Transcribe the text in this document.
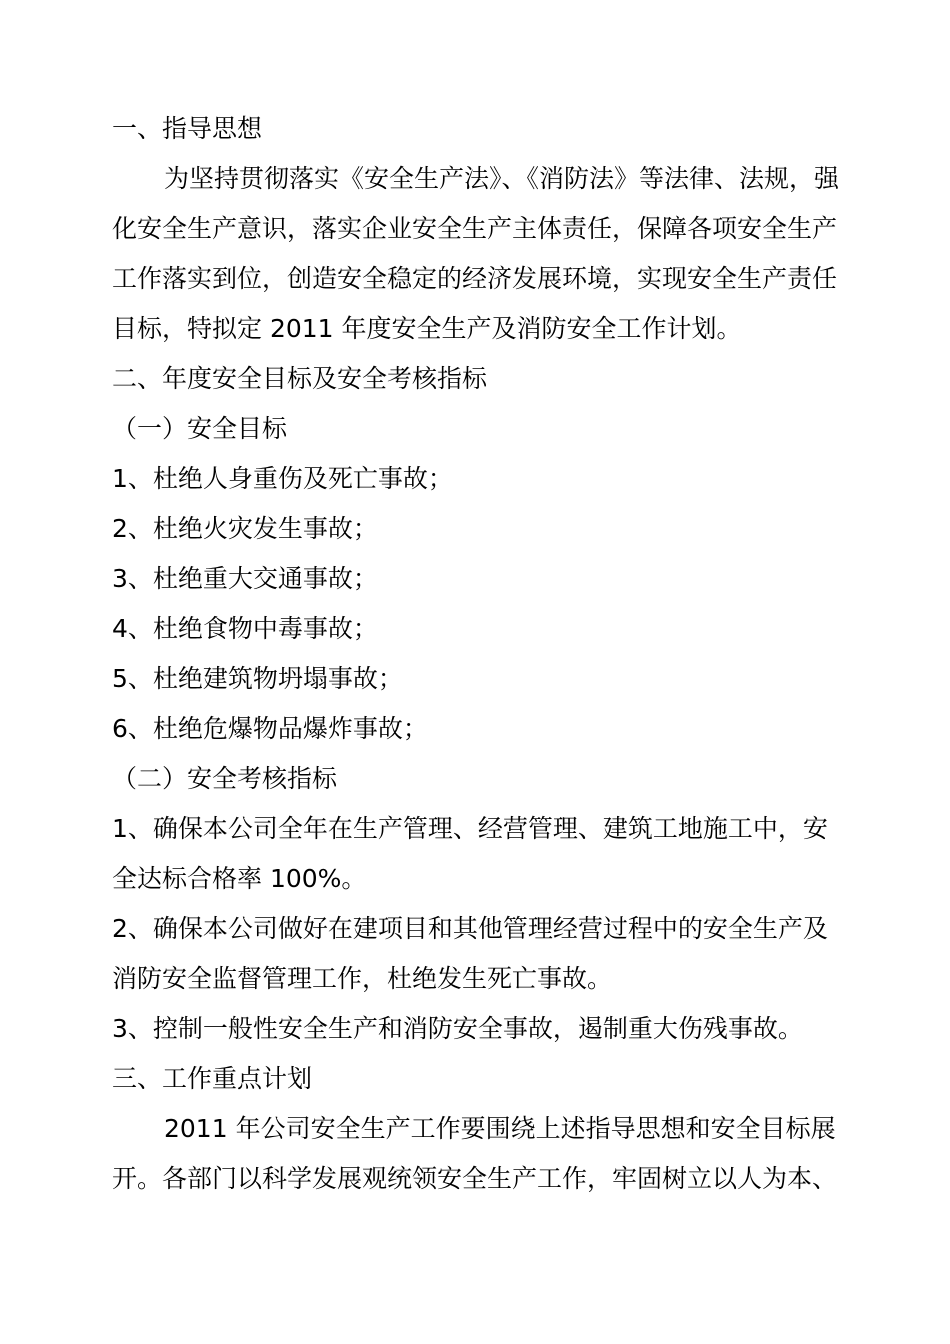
一、指导思想
为坚持贯彻落实《安全生产法》、《消防法》等法律、法规，强
化安全生产意识，落实企业安全生产主体责任，保障各项安全生产
工作落实到位，创造安全稳定的经济发展环境，实现安全生产责任
目标，特拟定 2011 年度安全生产及消防安全工作计划。
二、年度安全目标及安全考核指标
（一）安全目标
1、杜绝人身重伤及死亡事故；
2、杜绝火灾发生事故；
3、杜绝重大交通事故；
4、杜绝食物中毒事故；
5、杜绝建筑物坍塌事故；
6、杜绝危爆物品爆炸事故；
（二）安全考核指标
1、确保本公司全年在生产管理、经营管理、建筑工地施工中，安
全达标合格率 100%。
2、确保本公司做好在建项目和其他管理经营过程中的安全生产及
消防安全监督管理工作，杜绝发生死亡事故。
3、控制一般性安全生产和消防安全事故，遏制重大伤残事故。
三、工作重点计划
2011 年公司安全生产工作要围绕上述指导思想和安全目标展
开。各部门以科学发展观统领安全生产工作，牢固树立以人为本、
